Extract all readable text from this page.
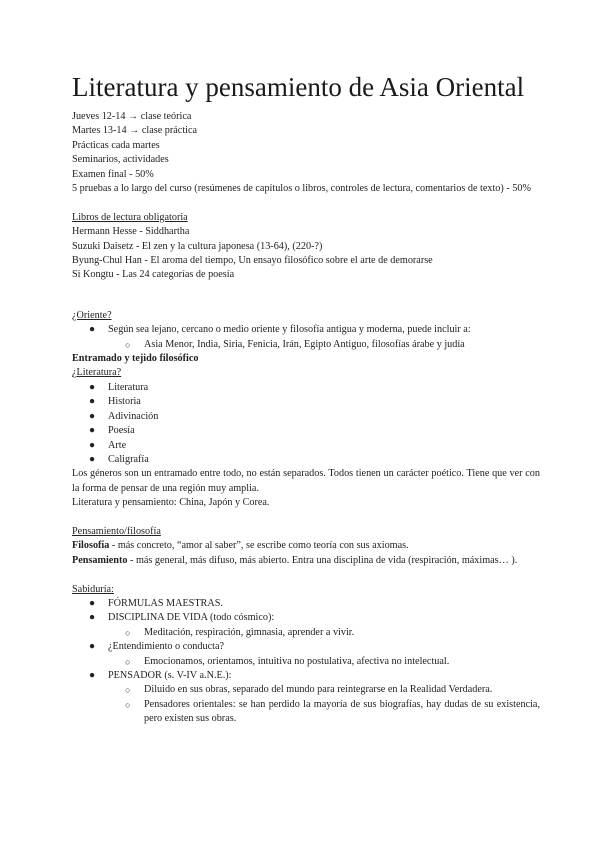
Literatura y pensamiento de Asia Oriental

Jueves 12-14 → clase teórica

Martes 13-14 → clase práctica

Prácticas cada martes

Seminarios, actividades

Examen final - 50%

5 pruebas a lo largo del curso (resúmenes de capítulos o libros, controles de lectura, comentarios de texto) - 50%

Libros de lectura obligatoria

Hermann Hesse - Siddhartha

Suzuki Daisetz - El zen y la cultura japonesa (13-64), (220-?)

Byung-Chul Han - El aroma del tiempo, Un ensayo filosófico sobre el arte de demorarse

Si Kongtu - Las 24 categorías de poesía

¿Oriente?

● Según sea lejano, cercano o medio oriente y filosofía antigua y moderna, puede incluir a:
○ Asia Menor, India, Siria, Fenicia, Irán, Egipto Antiguo, filosofías árabe y judía

Entramado y tejido filosófico

¿Literatura?

● Literatura
● Historia
● Adivinación
● Poesía
● Arte
● Caligrafía

Los géneros son un entramado entre todo, no están separados. Todos tienen un carácter poético. Tiene que ver con la forma de pensar de una región muy amplia.

Literatura y pensamiento: China, Japón y Corea.

Pensamiento/filosofía

Filosofía - más concreto, “amor al saber”, se escribe como teoría con sus axiomas.

Pensamiento - más general, más difuso, más abierto. Entra una disciplina de vida (respiración, máximas… ).

Sabiduría:

● FÓRMULAS MAESTRAS.
● DISCIPLINA DE VIDA (todo cósmico):
○ Meditación, respiración, gimnasia, aprender a vivir.
● ¿Entendimiento o conducta?
○ Emocionamos, orientamos, intuitiva no postulativa, afectiva no intelectual.
● PENSADOR (s. V-IV a.N.E.):
○ Diluido en sus obras, separado del mundo para reintegrarse en la Realidad Verdadera.
○ Pensadores orientales: se han perdido la mayoría de sus biografías, hay dudas de su existencia, pero existen sus obras.
